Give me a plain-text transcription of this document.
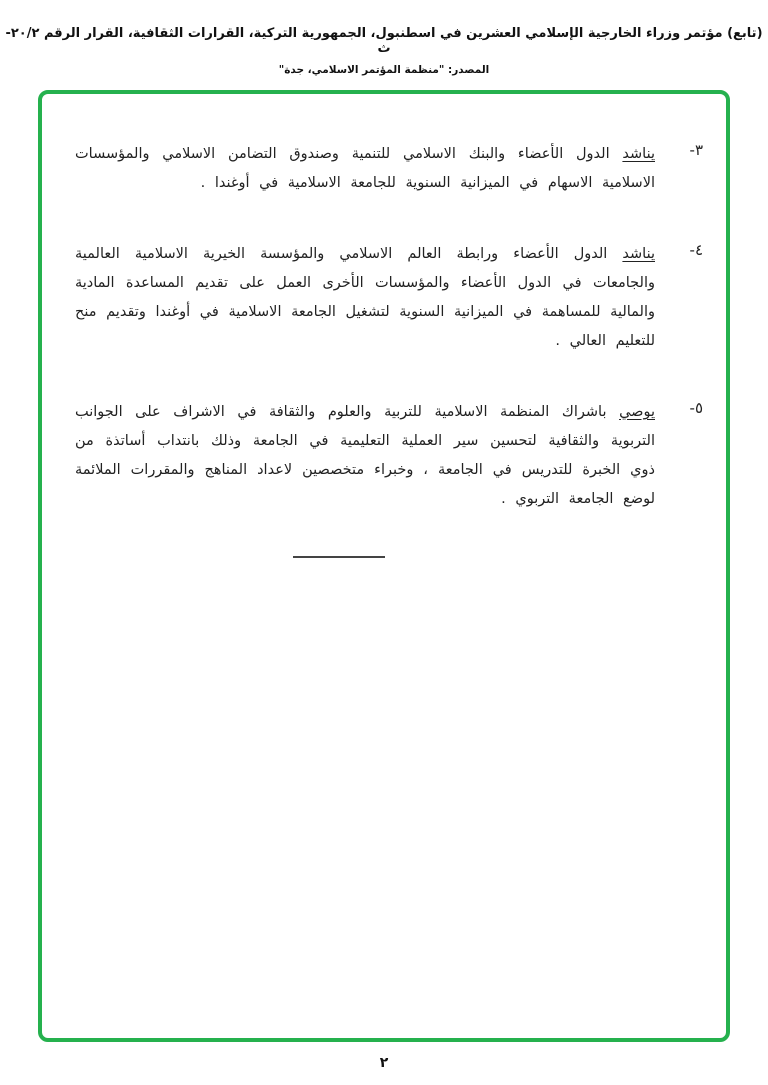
(تابع) مؤتمر وزراء الخارجية الإسلامي العشرين في اسطنبول، الجمهورية التركية، القرارات الثقافية، القرار الرقم ٢٠/٢-ث
المصدر: "منظمة المؤتمر الاسلامي، جدة"
٣-
يناشد الدول الأعضاء والبنك الاسلامي للتنمية وصندوق التضامن الاسلامي والمؤسسات الاسلامية الاسهام في الميزانية السنوية للجامعة الاسلامية في أوغندا .
٤-
يناشد الدول الأعضاء ورابطة العالم الاسلامي والمؤسسة الخيرية الاسلامية العالمية والجامعات في الدول الأعضاء والمؤسسات الأخرى العمل على تقديم المساعدة المادية والمالية للمساهمة في الميزانية السنوية لتشغيل الجامعة الاسلامية في أوغندا وتقديم منح للتعليم العالي .
٥-
يوصي باشراك المنظمة الاسلامية للتربية والعلوم والثقافة في الاشراف على الجوانب التربوية والثقافية لتحسين سير العملية التعليمية في الجامعة وذلك بانتداب أساتذة من ذوي الخبرة للتدريس في الجامعة ، وخبراء متخصصين لاعداد المناهج والمقررات الملائمة لوضع الجامعة التربوي .
٢
